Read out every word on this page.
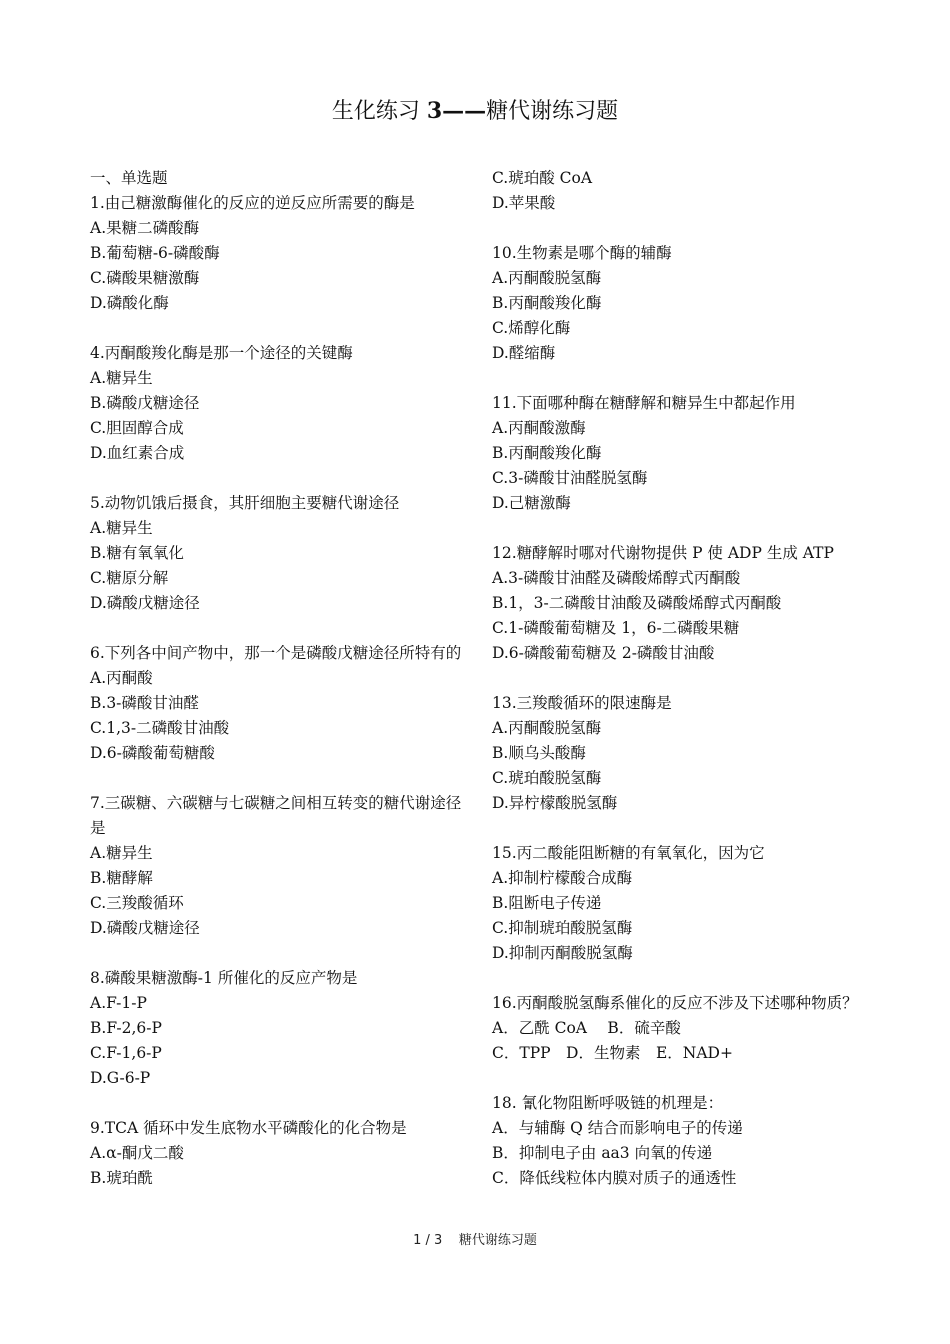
生化练习 3——糖代谢练习题
一、单选题
1.由己糖激酶催化的反应的逆反应所需要的酶是
A.果糖二磷酸酶
B.葡萄糖-6-磷酸酶
C.磷酸果糖激酶
D.磷酸化酶
4.丙酮酸羧化酶是那一个途径的关键酶
A.糖异生
B.磷酸戊糖途径
C.胆固醇合成
D.血红素合成
5.动物饥饿后摄食，其肝细胞主要糖代谢途径
A.糖异生
B.糖有氧氧化
C.糖原分解
D.磷酸戊糖途径
6.下列各中间产物中，那一个是磷酸戊糖途径所特有的
A.丙酮酸
B.3-磷酸甘油醛
C.1,3-二磷酸甘油酸
D.6-磷酸葡萄糖酸
7.三碳糖、六碳糖与七碳糖之间相互转变的糖代谢途径是
A.糖异生
B.糖酵解
C.三羧酸循环
D.磷酸戊糖途径
8.磷酸果糖激酶-1 所催化的反应产物是
A.F-1-P
B.F-2,6-P
C.F-1,6-P
D.G-6-P
9.TCA 循环中发生底物水平磷酸化的化合物是
A.α-酮戊二酸
B.琥珀酰
C.琥珀酸 CoA
D.苹果酸
10.生物素是哪个酶的辅酶
A.丙酮酸脱氢酶
B.丙酮酸羧化酶
C.烯醇化酶
D.醛缩酶
11.下面哪种酶在糖酵解和糖异生中都起作用
A.丙酮酸激酶
B.丙酮酸羧化酶
C.3-磷酸甘油醛脱氢酶
D.己糖激酶
12.糖酵解时哪对代谢物提供 P 使 ADP 生成 ATP
A.3-磷酸甘油醛及磷酸烯醇式丙酮酸
B.1，3-二磷酸甘油酸及磷酸烯醇式丙酮酸
C.1-磷酸葡萄糖及 1，6-二磷酸果糖
D.6-磷酸葡萄糖及 2-磷酸甘油酸
13.三羧酸循环的限速酶是
A.丙酮酸脱氢酶
B.顺乌头酸酶
C.琥珀酸脱氢酶
D.异柠檬酸脱氢酶
15.丙二酸能阻断糖的有氧氧化，因为它
A.抑制柠檬酸合成酶
B.阻断电子传递
C.抑制琥珀酸脱氢酶
D.抑制丙酮酸脱氢酶
16.丙酮酸脱氢酶系催化的反应不涉及下述哪种物质？
A．乙酰 CoA　 B．硫辛酸
C．TPP　D．生物素　E．NAD+
18. 氰化物阻断呼吸链的机理是：
A．与辅酶 Q 结合而影响电子的传递
B．抑制电子由 aa3 向氧的传递
C．降低线粒体内膜对质子的通透性
1 / 3 糖代谢练习题
